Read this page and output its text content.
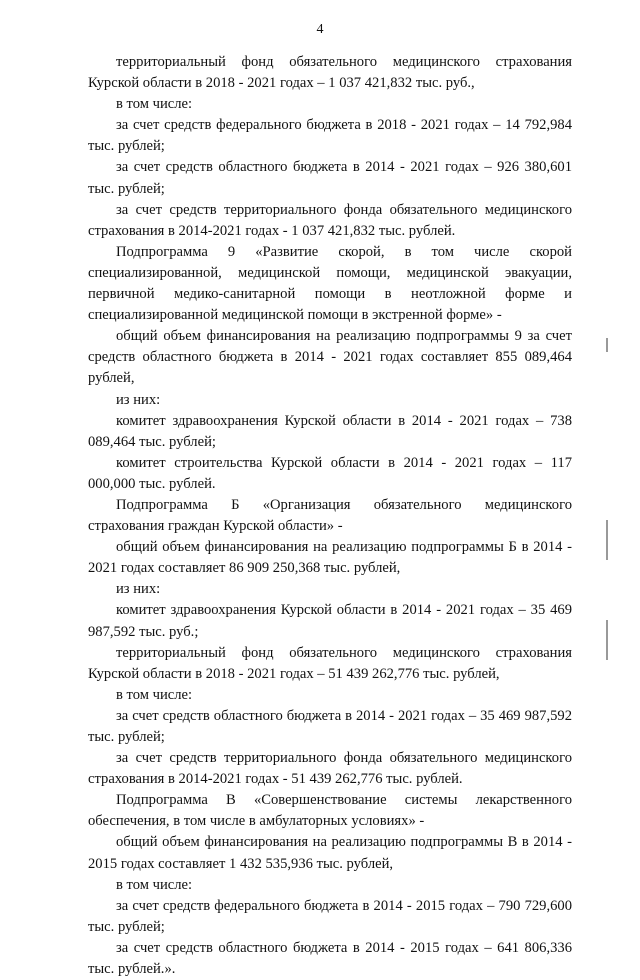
4

территориальный фонд обязательного медицинского страхования Курской области в 2018 - 2021 годах – 1 037 421,832 тыс. руб.,

в том числе:

за счет средств федерального бюджета в 2018 - 2021 годах – 14 792,984 тыс. рублей;

за счет средств областного бюджета в 2014 - 2021 годах – 926 380,601 тыс. рублей;

за счет средств территориального фонда обязательного медицинского страхования в 2014-2021 годах - 1 037 421,832 тыс. рублей.

Подпрограмма 9 «Развитие скорой, в том числе скорой специализированной, медицинской помощи, медицинской эвакуации, первичной медико-санитарной помощи в неотложной форме и специализированной медицинской помощи в экстренной форме» -

общий объем финансирования на реализацию подпрограммы 9 за счет средств областного бюджета в 2014 - 2021 годах составляет 855 089,464 рублей,

из них:

комитет здравоохранения Курской области в 2014 - 2021 годах – 738 089,464 тыс. рублей;

комитет строительства Курской области в 2014 - 2021 годах – 117 000,000 тыс. рублей.

Подпрограмма Б «Организация обязательного медицинского страхования граждан Курской области» -

общий объем финансирования на реализацию подпрограммы Б в 2014 - 2021 годах составляет 86 909 250,368 тыс. рублей,

из них:

комитет здравоохранения Курской области в 2014 - 2021 годах – 35 469 987,592 тыс. руб.;

территориальный фонд обязательного медицинского страхования Курской области в 2018 - 2021 годах – 51 439 262,776 тыс. рублей,

в том числе:

за счет средств областного бюджета в 2014 - 2021 годах – 35 469 987,592 тыс. рублей;

за счет средств территориального фонда обязательного медицинского страхования в 2014-2021 годах - 51 439 262,776 тыс. рублей.

Подпрограмма В «Совершенствование системы лекарственного обеспечения, в том числе в амбулаторных условиях» -

общий объем финансирования на реализацию подпрограммы В в 2014 - 2015 годах составляет 1 432 535,936 тыс. рублей,

в том числе:

за счет средств федерального бюджета в 2014 - 2015 годах – 790 729,600 тыс. рублей;

за счет средств областного бюджета в 2014 - 2015 годах – 641 806,336 тыс. рублей.».
